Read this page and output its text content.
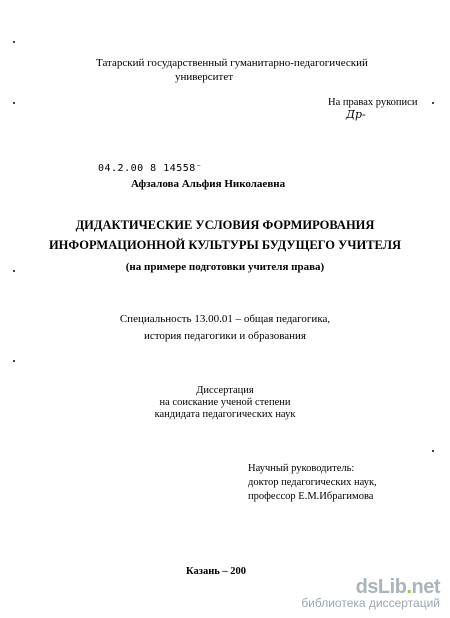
Татарский государственный гуманитарно-педагогический
университет
На правах рукописи
Др-
04.2.00 8 14558⁻
Афзалова Альфия Николаевна
ДИДАКТИЧЕСКИЕ УСЛОВИЯ ФОРМИРОВАНИЯ
ИНФОРМАЦИОННОЙ КУЛЬТУРЫ БУДУЩЕГО УЧИТЕЛЯ
(на примере подготовки учителя права)
Специальность 13.00.01 – общая педагогика,
история педагогики и образования
Диссертация
на соискание ученой степени
кандидата педагогических наук
Научный руководитель:
доктор педагогических наук,
профессор Е.М.Ибрагимова
Казань – 200
dsLib.net
библиотека диссертаций
